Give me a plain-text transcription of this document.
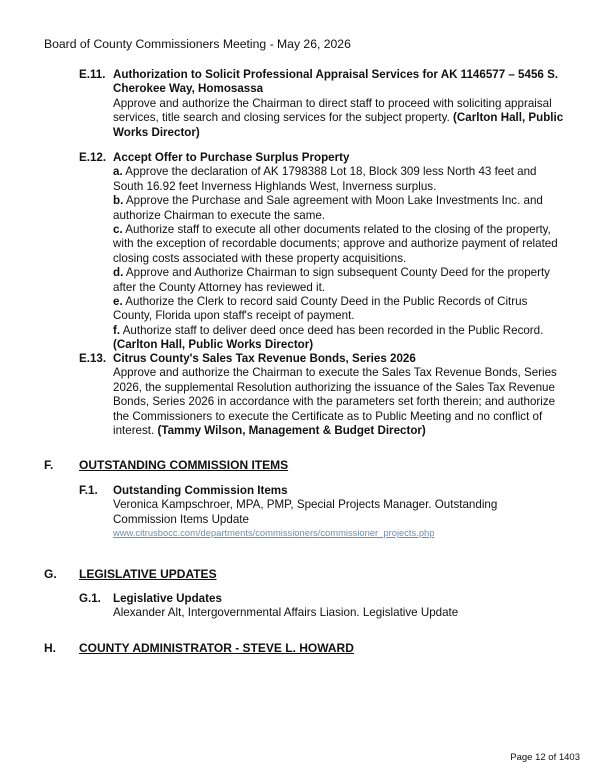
Board of County Commissioners Meeting - May 26, 2026
E.11. Authorization to Solicit Professional Appraisal Services for AK 1146577 – 5456 S. Cherokee Way, Homosassa
Approve and authorize the Chairman to direct staff to proceed with soliciting appraisal services, title search and closing services for the subject property. (Carlton Hall, Public Works Director)
E.12. Accept Offer to Purchase Surplus Property
a. Approve the declaration of AK 1798388 Lot 18, Block 309 less North 43 feet and South 16.92 feet Inverness Highlands West, Inverness surplus.
b. Approve the Purchase and Sale agreement with Moon Lake Investments Inc. and authorize Chairman to execute the same.
c. Authorize staff to execute all other documents related to the closing of the property, with the exception of recordable documents; approve and authorize payment of related closing costs associated with these property acquisitions.
d. Approve and Authorize Chairman to sign subsequent County Deed for the property after the County Attorney has reviewed it.
e. Authorize the Clerk to record said County Deed in the Public Records of Citrus County, Florida upon staff's receipt of payment.
f. Authorize staff to deliver deed once deed has been recorded in the Public Record. (Carlton Hall, Public Works Director)
E.13. Citrus County's Sales Tax Revenue Bonds, Series 2026
Approve and authorize the Chairman to execute the Sales Tax Revenue Bonds, Series 2026, the supplemental Resolution authorizing the issuance of the Sales Tax Revenue Bonds, Series 2026 in accordance with the parameters set forth therein; and authorize the Commissioners to execute the Certificate as to Public Meeting and no conflict of interest. (Tammy Wilson, Management & Budget Director)
F. OUTSTANDING COMMISSION ITEMS
F.1. Outstanding Commission Items
Veronica Kampschroer, MPA, PMP, Special Projects Manager. Outstanding Commission Items Update
www.citrusbocc.com/departments/commissioners/commissioner_projects.php
G. LEGISLATIVE UPDATES
G.1. Legislative Updates
Alexander Alt, Intergovernmental Affairs Liasion. Legislative Update
H. COUNTY ADMINISTRATOR - STEVE L. HOWARD
Page 12 of 1403
